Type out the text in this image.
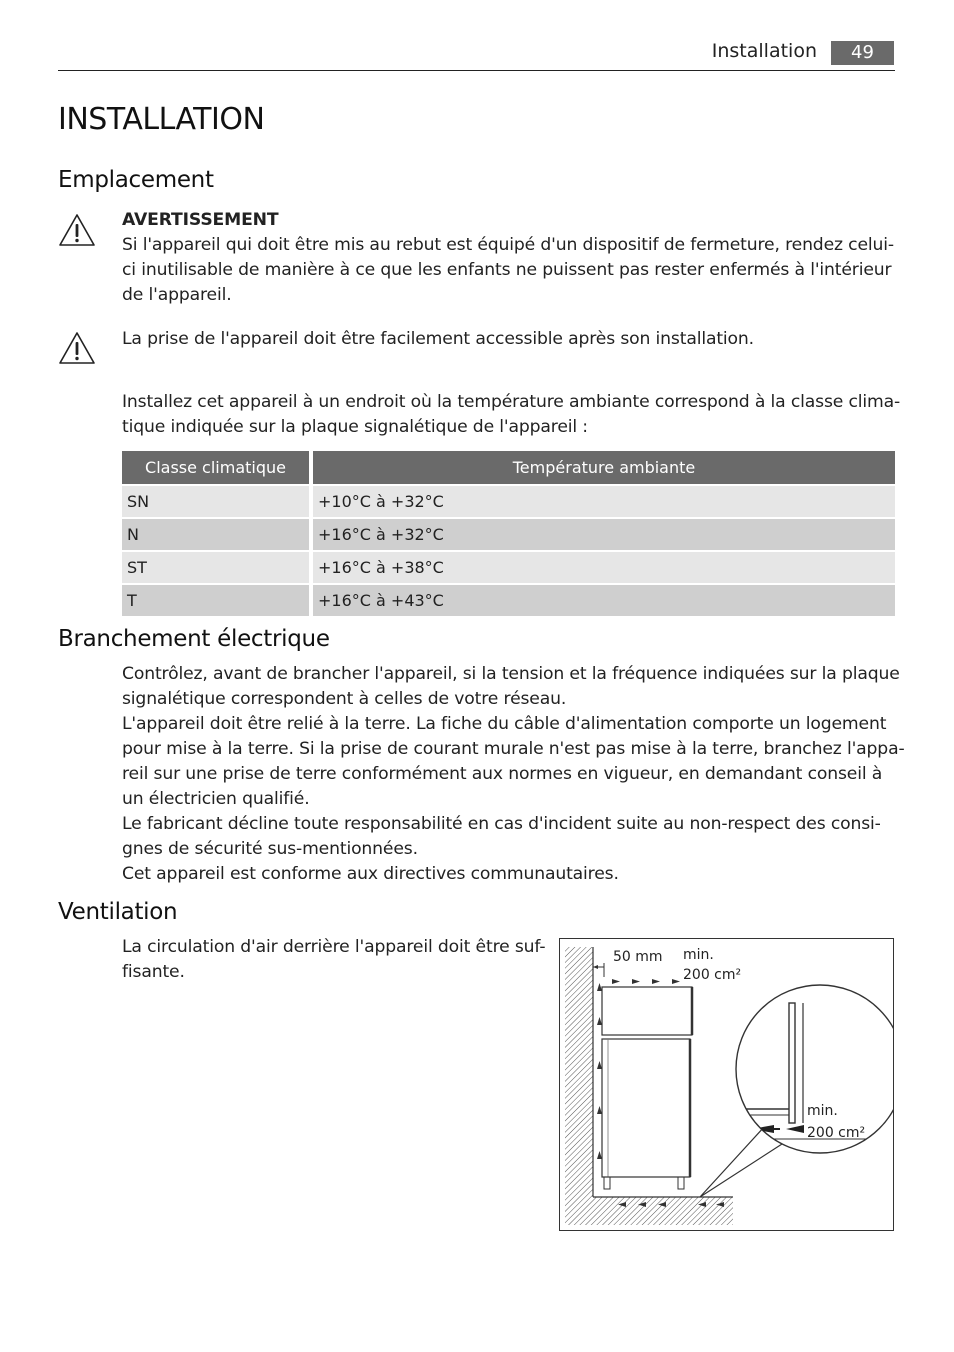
Installation	49
INSTALLATION
Emplacement
AVERTISSEMENT
Si l'appareil qui doit être mis au rebut est équipé d'un dispositif de fermeture, rendez celui-
ci inutilisable de manière à ce que les enfants ne puissent pas rester enfermés à l'intérieur
de l'appareil.
La prise de l'appareil doit être facilement accessible après son installation.
Installez cet appareil à un endroit où la température ambiante correspond à la classe clima-
tique indiquée sur la plaque signalétique de l'appareil :
Classe climatique	Température ambiante
SN	+10°C à +32°C
N	+16°C à +32°C
ST	+16°C à +38°C
T	+16°C à +43°C
Branchement électrique
Contrôlez, avant de brancher l'appareil, si la tension et la fréquence indiquées sur la plaque
signalétique correspondent à celles de votre réseau.
L'appareil doit être relié à la terre. La fiche du câble d'alimentation comporte un logement
pour mise à la terre. Si la prise de courant murale n'est pas mise à la terre, branchez l'appa-
reil sur une prise de terre conformément aux normes en vigueur, en demandant conseil à
un électricien qualifié.
Le fabricant décline toute responsabilité en cas d'incident suite au non-respect des consi-
gnes de sécurité sus-mentionnées.
Cet appareil est conforme aux directives communautaires.
Ventilation
La circulation d'air derrière l'appareil doit être suf-
fisante.
50 mm min.
200 cm²
min.
200 cm²
